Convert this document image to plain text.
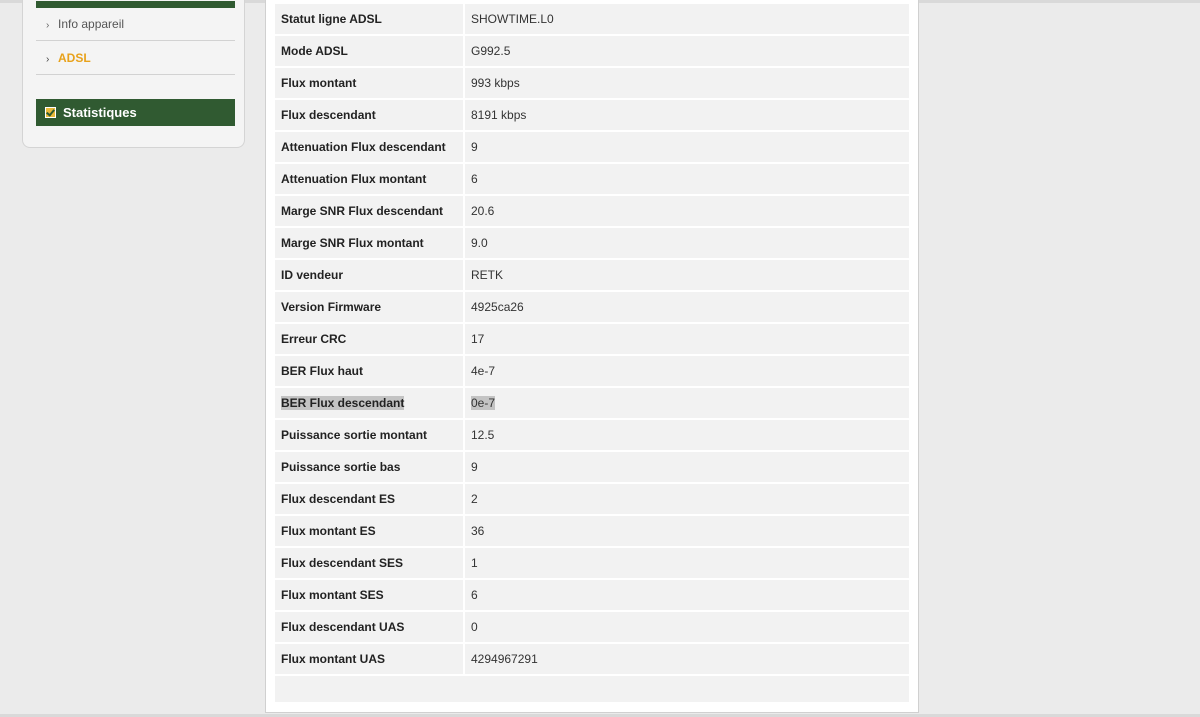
› Info appareil
› ADSL
Statistiques
Statut ligne ADSL	SHOWTIME.L0
Mode ADSL	G992.5
Flux montant	993 kbps
Flux descendant	8191 kbps
Attenuation Flux descendant	9
Attenuation Flux montant	6
Marge SNR Flux descendant	20.6
Marge SNR Flux montant	9.0
ID vendeur	RETK
Version Firmware	4925ca26
Erreur CRC	17
BER Flux haut	4e-7
BER Flux descendant	0e-7
Puissance sortie montant	12.5
Puissance sortie bas	9
Flux descendant ES	2
Flux montant ES	36
Flux descendant SES	1
Flux montant SES	6
Flux descendant UAS	0
Flux montant UAS	4294967291
